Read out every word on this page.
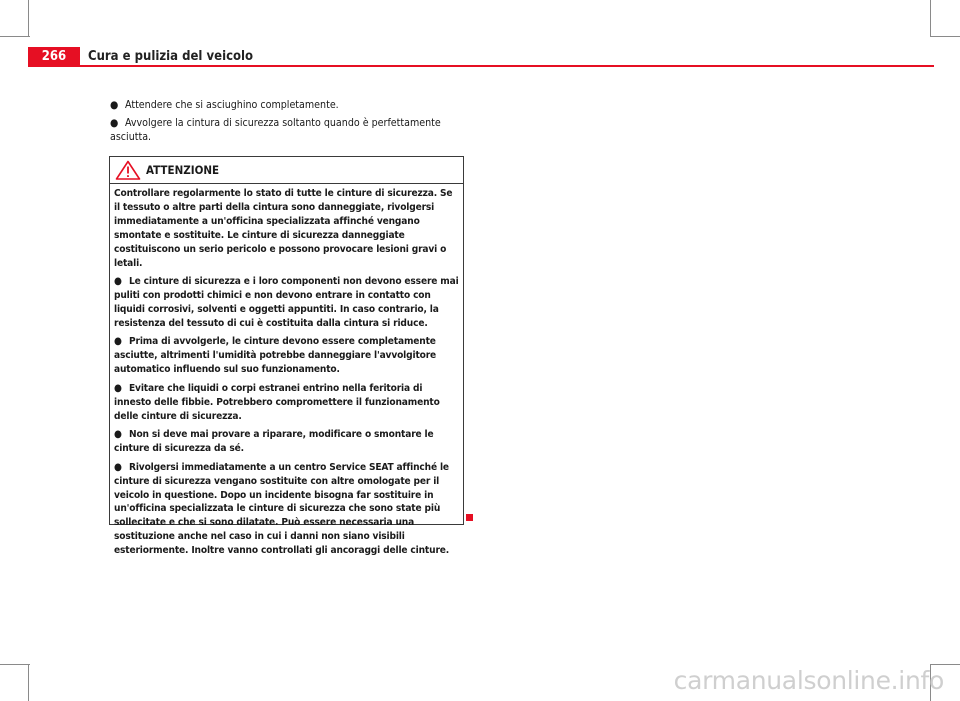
266	Cura e pulizia del veicolo

● Attendere che si asciughino completamente.

● Avvolgere la cintura di sicurezza soltanto quando è perfettamente asciutta.

ATTENZIONE

Controllare regolarmente lo stato di tutte le cinture di sicurezza. Se il tessuto o altre parti della cintura sono danneggiate, rivolgersi immediatamente a un'officina specializzata affinché vengano smontate e sostituite. Le cinture di sicurezza danneggiate costituiscono un serio pericolo e possono provocare lesioni gravi o letali.

● Le cinture di sicurezza e i loro componenti non devono essere mai puliti con prodotti chimici e non devono entrare in contatto con liquidi corrosivi, solventi e oggetti appuntiti. In caso contrario, la resistenza del tessuto di cui è costituita dalla cintura si riduce.

● Prima di avvolgerle, le cinture devono essere completamente asciutte, altrimenti l'umidità potrebbe danneggiare l'avvolgitore automatico influendo sul suo funzionamento.

● Evitare che liquidi o corpi estranei entrino nella feritoria di innesto delle fibbie. Potrebbero compromettere il funzionamento delle cinture di sicurezza.

● Non si deve mai provare a riparare, modificare o smontare le cinture di sicurezza da sé.

● Rivolgersi immediatamente a un centro Service SEAT affinché le cinture di sicurezza vengano sostituite con altre omologate per il veicolo in questione. Dopo un incidente bisogna far sostituire in un'officina specializzata le cinture di sicurezza che sono state più sollecitate e che si sono dilatate. Può essere necessaria una sostituzione anche nel caso in cui i danni non siano visibili esteriormente. Inoltre vanno controllati gli ancoraggi delle cinture.

carmanualsonline.info
